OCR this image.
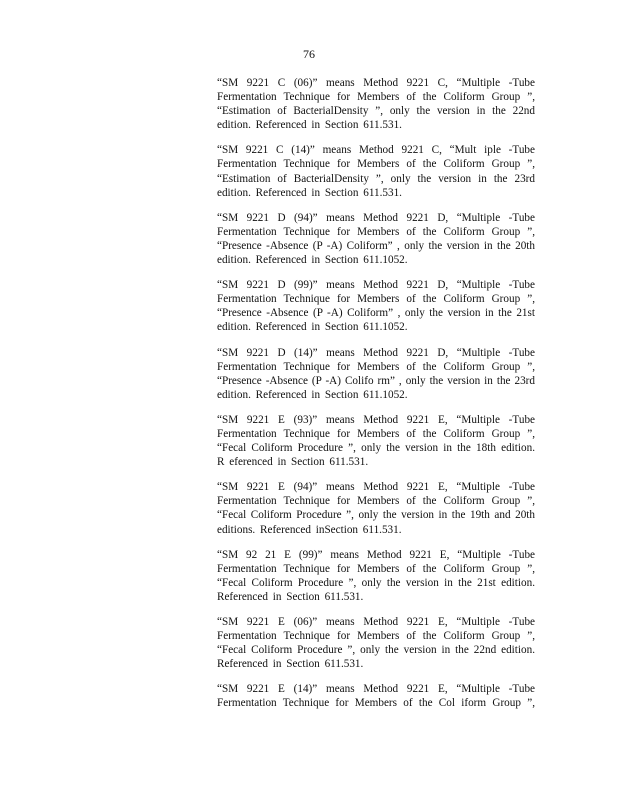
76
“SM 9221 C (06)” means Method 9221 C, “Multiple -Tube
Fermentation Technique for Members of the Coliform Group ”,
“Estimation of BacterialDensity ”, only the version in the 22nd
edition. Referenced in Section 611.531.
“SM 9221 C (14)” means Method 9221 C, “Mult iple -Tube
Fermentation Technique for Members of the Coliform Group ”,
“Estimation of BacterialDensity ”, only the version in the 23rd
edition. Referenced in Section 611.531.
“SM 9221 D (94)” means Method 9221 D, “Multiple -Tube
Fermentation Technique for Members of the Coliform Group ”,
“Presence -Absence (P -A) Coliform” , only the version in the 20th
edition. Referenced in Section 611.1052.
“SM 9221 D (99)” means Method 9221 D, “Multiple -Tube
Fermentation Technique for Members of the Coliform Group ”,
“Presence -Absence (P -A) Coliform” , only the version in the 21st
edition. Referenced in Section 611.1052.
“SM 9221 D (14)” means Method 9221 D, “Multiple -Tube
Fermentation Technique for Members of the Coliform Group ”,
“Presence -Absence (P -A) Colifo rm” , only the version in the 23rd
edition. Referenced in Section 611.1052.
“SM 9221 E (93)” means Method 9221 E, “Multiple -Tube
Fermentation Technique for Members of the Coliform Group ”,
“Fecal Coliform Procedure ”, only the version in the 18th edition.
R eferenced in Section 611.531.
“SM 9221 E (94)” means Method 9221 E, “Multiple -Tube
Fermentation Technique for Members of the Coliform Group ”,
“Fecal Coliform Procedure ”, only the version in the 19th and 20th
editions. Referenced inSection 611.531.
“SM 92 21 E (99)” means Method 9221 E, “Multiple -Tube
Fermentation Technique for Members of the Coliform Group ”,
“Fecal Coliform Procedure ”, only the version in the 21st edition.
Referenced in Section 611.531.
“SM 9221 E (06)” means Method 9221 E, “Multiple -Tube
Fermentation Technique for Members of the Coliform Group ”,
“Fecal Coliform Procedure ”, only the version in the 22nd edition.
Referenced in Section 611.531.
“SM 9221 E (14)” means Method 9221 E, “Multiple -Tube
Fermentation Technique for Members of the Col iform Group ”,
